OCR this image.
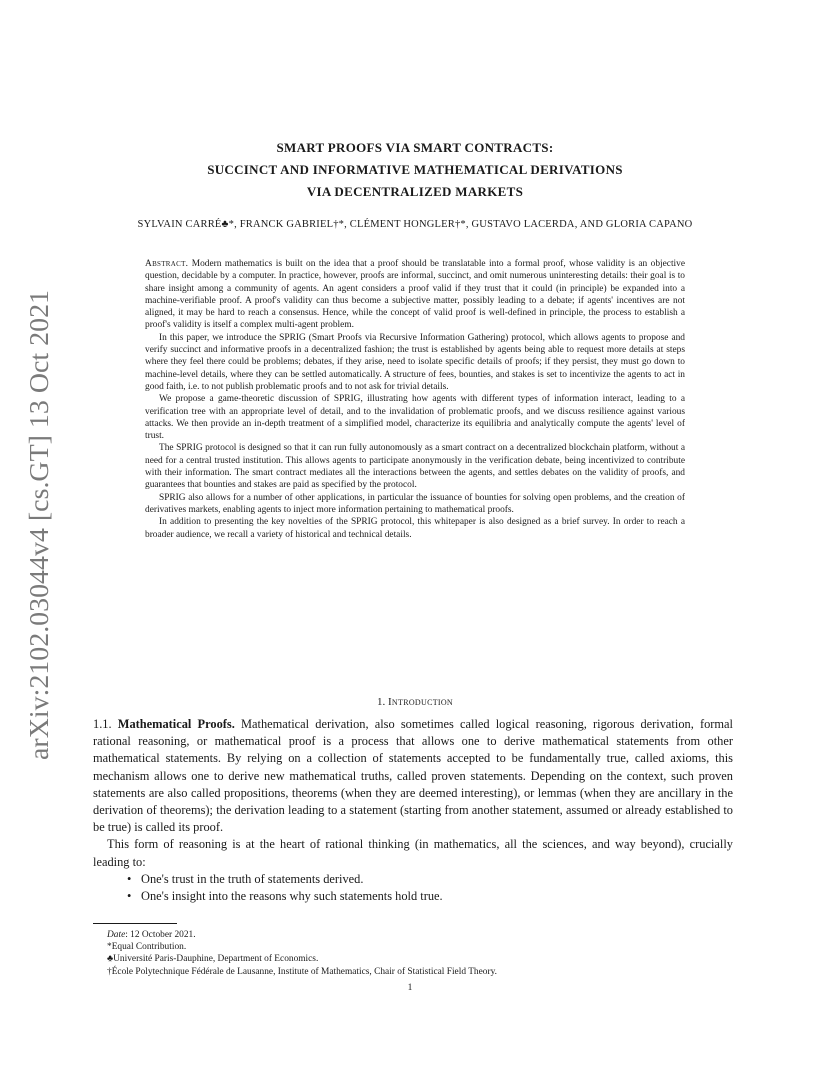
arXiv:2102.03044v4 [cs.GT] 13 Oct 2021
SMART PROOFS VIA SMART CONTRACTS:
SUCCINCT AND INFORMATIVE MATHEMATICAL DERIVATIONS
VIA DECENTRALIZED MARKETS
SYLVAIN CARRÉ♣*, FRANCK GABRIEL†*, CLÉMENT HONGLER†*, GUSTAVO LACERDA, AND GLORIA CAPANO

Abstract. Modern mathematics is built on the idea that a proof should be translatable into a formal proof, whose validity is an objective question, decidable by a computer. In practice, however, proofs are informal, succinct, and omit numerous uninteresting details: their goal is to share insight among a community of agents. An agent considers a proof valid if they trust that it could (in principle) be expanded into a machine-verifiable proof. A proof's validity can thus become a subjective matter, possibly leading to a debate; if agents' incentives are not aligned, it may be hard to reach a consensus. Hence, while the concept of valid proof is well-defined in principle, the process to establish a proof's validity is itself a complex multi-agent problem.

In this paper, we introduce the SPRIG (Smart Proofs via Recursive Information Gathering) protocol, which allows agents to propose and verify succinct and informative proofs in a decentralized fashion; the trust is established by agents being able to request more details at steps where they feel there could be problems; debates, if they arise, need to isolate specific details of proofs; if they persist, they must go down to machine-level details, where they can be settled automatically. A structure of fees, bounties, and stakes is set to incentivize the agents to act in good faith, i.e. to not publish problematic proofs and to not ask for trivial details.

We propose a game-theoretic discussion of SPRIG, illustrating how agents with different types of information interact, leading to a verification tree with an appropriate level of detail, and to the invalidation of problematic proofs, and we discuss resilience against various attacks. We then provide an in-depth treatment of a simplified model, characterize its equilibria and analytically compute the agents' level of trust.

The SPRIG protocol is designed so that it can run fully autonomously as a smart contract on a decentralized blockchain platform, without a need for a central trusted institution. This allows agents to participate anonymously in the verification debate, being incentivized to contribute with their information. The smart contract mediates all the interactions between the agents, and settles debates on the validity of proofs, and guarantees that bounties and stakes are paid as specified by the protocol.

SPRIG also allows for a number of other applications, in particular the issuance of bounties for solving open problems, and the creation of derivatives markets, enabling agents to inject more information pertaining to mathematical proofs.

In addition to presenting the key novelties of the SPRIG protocol, this whitepaper is also designed as a brief survey. In order to reach a broader audience, we recall a variety of historical and technical details.

1. Introduction

1.1. Mathematical Proofs. Mathematical derivation, also sometimes called logical reasoning, rigorous derivation, formal rational reasoning, or mathematical proof is a process that allows one to derive mathematical statements from other mathematical statements. By relying on a collection of statements accepted to be fundamentally true, called axioms, this mechanism allows one to derive new mathematical truths, called proven statements. Depending on the context, such proven statements are also called propositions, theorems (when they are deemed interesting), or lemmas (when they are ancillary in the derivation of theorems); the derivation leading to a statement (starting from another statement, assumed or already established to be true) is called its proof.

This form of reasoning is at the heart of rational thinking (in mathematics, all the sciences, and way beyond), crucially leading to:

• One's trust in the truth of statements derived.
• One's insight into the reasons why such statements hold true.
Date: 12 October 2021.
*Equal Contribution.
♣Université Paris-Dauphine, Department of Economics.
†École Polytechnique Fédérale de Lausanne, Institute of Mathematics, Chair of Statistical Field Theory.
1
